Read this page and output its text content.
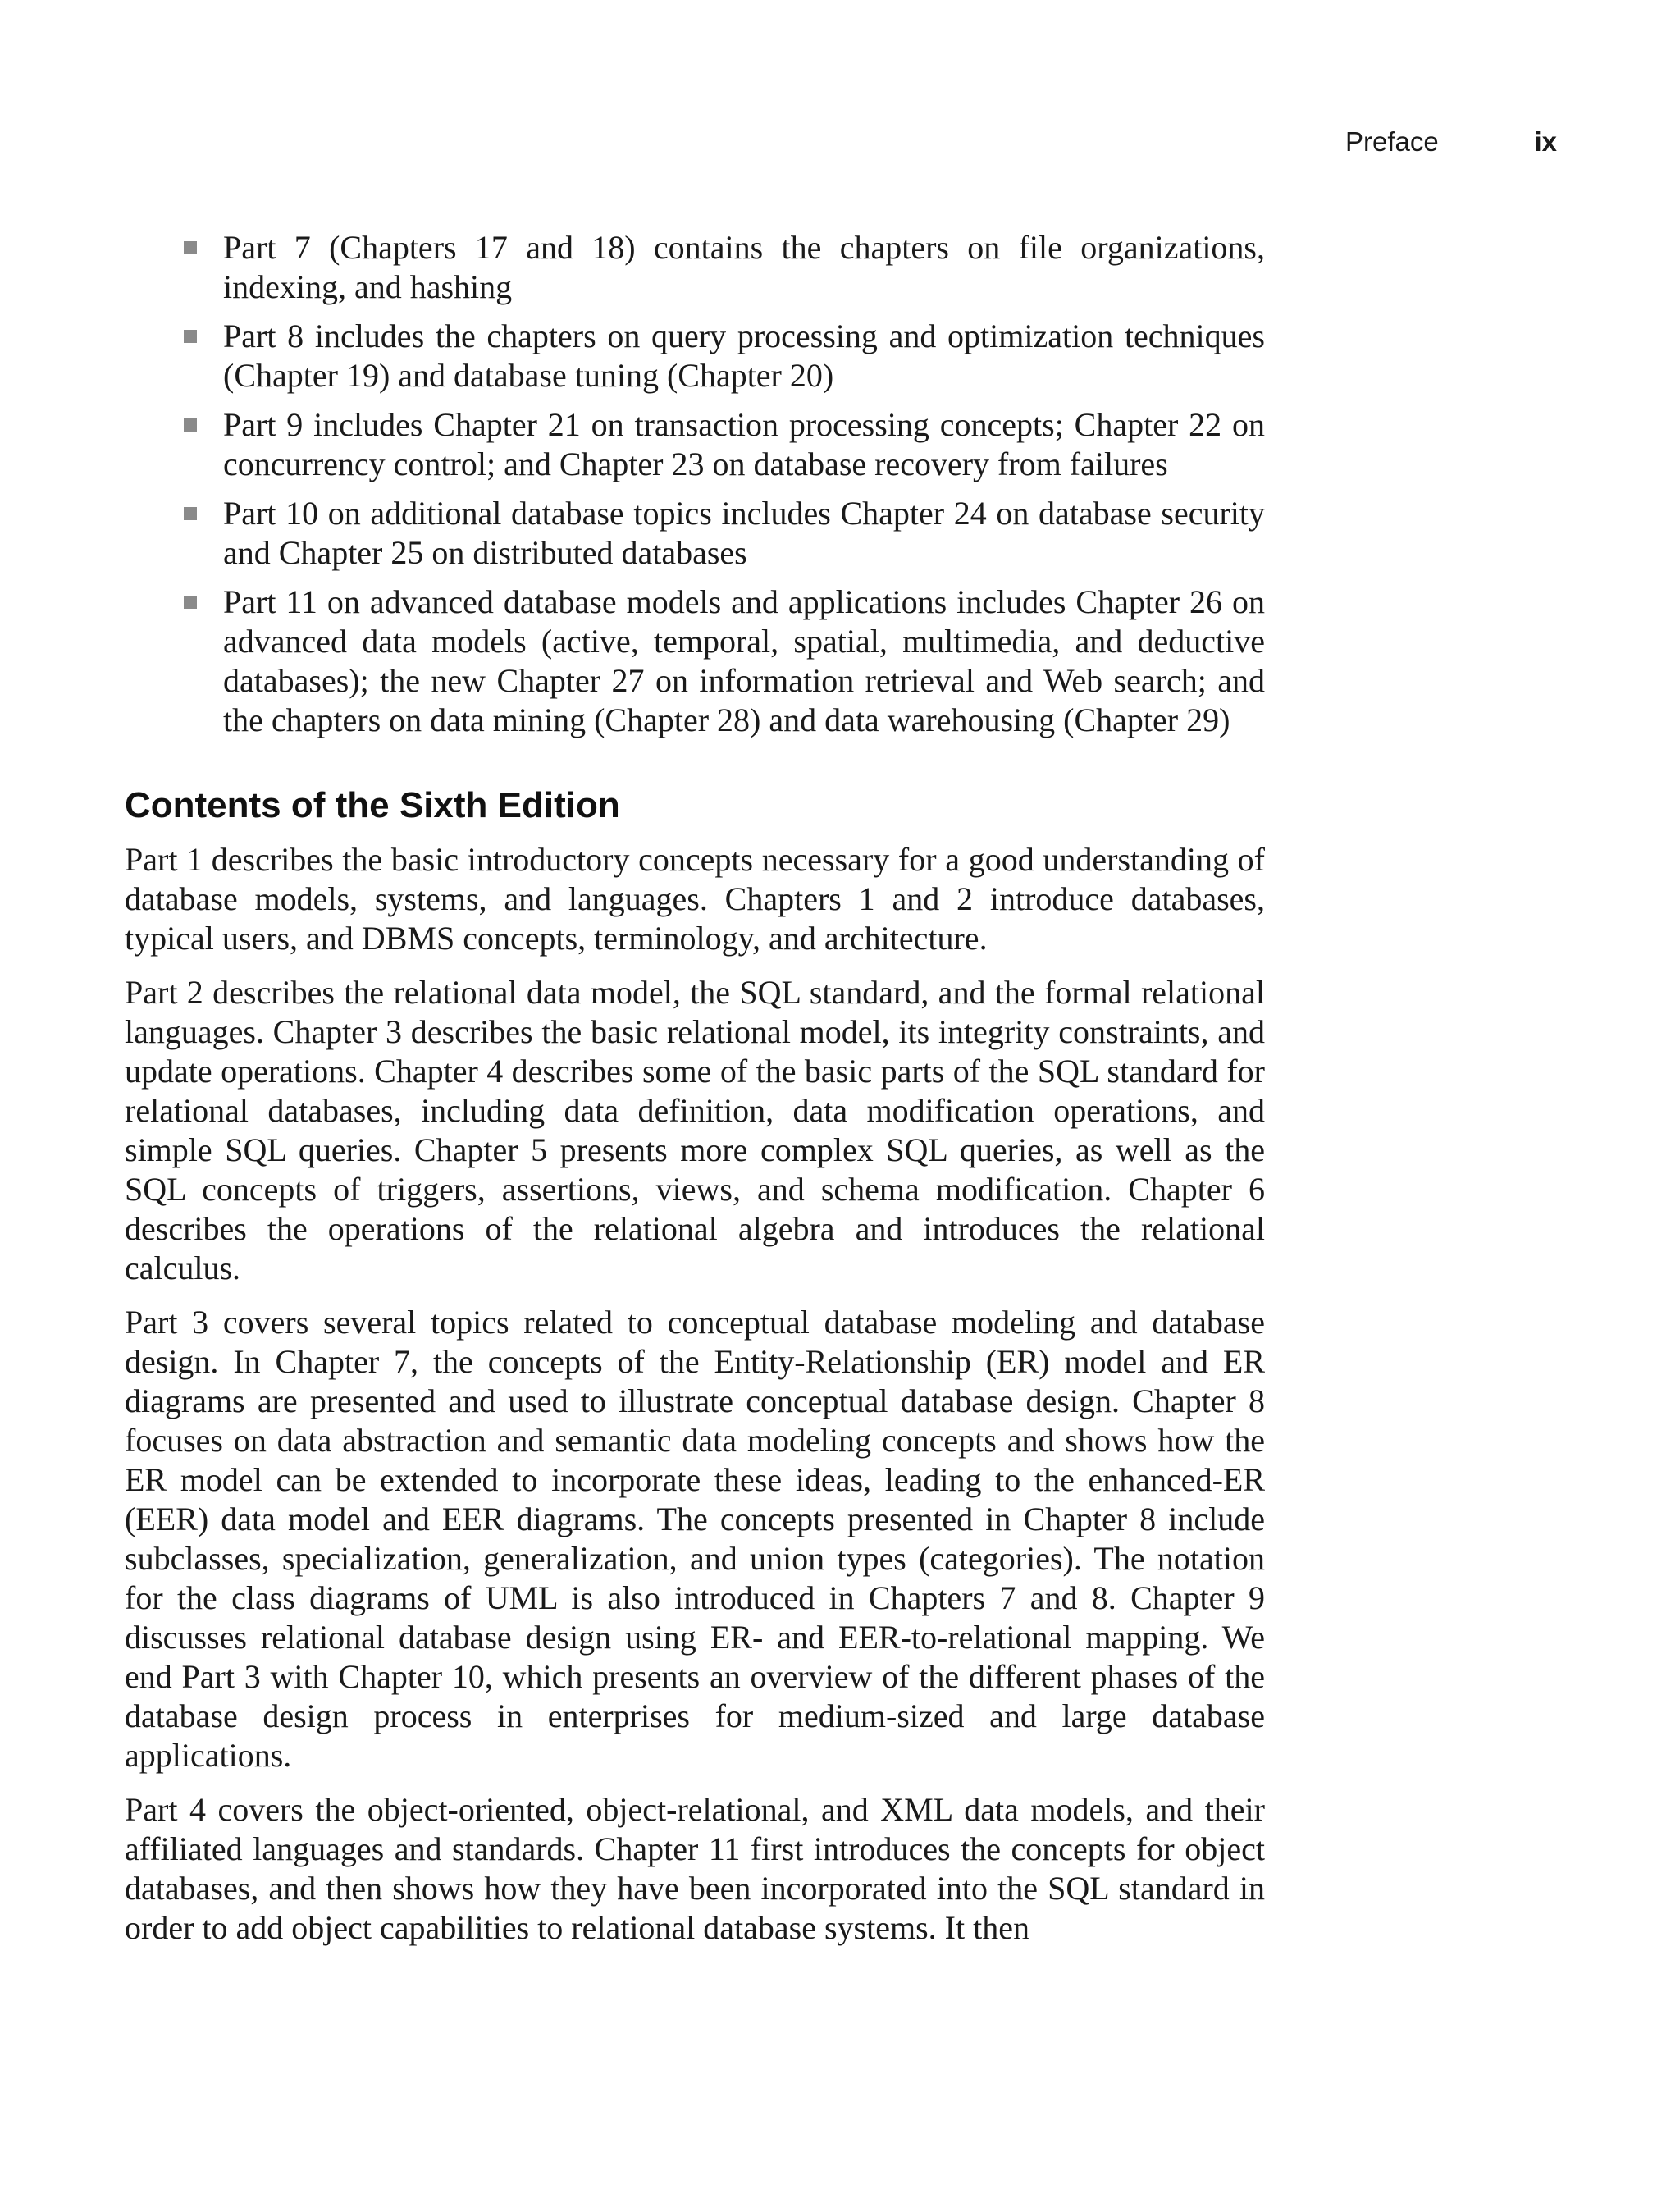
Preface	ix
Part 7 (Chapters 17 and 18) contains the chapters on file organizations, indexing, and hashing
Part 8 includes the chapters on query processing and optimization techniques (Chapter 19) and database tuning (Chapter 20)
Part 9 includes Chapter 21 on transaction processing concepts; Chapter 22 on concurrency control; and Chapter 23 on database recovery from failures
Part 10 on additional database topics includes Chapter 24 on database security and Chapter 25 on distributed databases
Part 11 on advanced database models and applications includes Chapter 26 on advanced data models (active, temporal, spatial, multimedia, and deductive databases); the new Chapter 27 on information retrieval and Web search; and the chapters on data mining (Chapter 28) and data warehousing (Chapter 29)
Contents of the Sixth Edition

Part 1 describes the basic introductory concepts necessary for a good understanding of database models, systems, and languages. Chapters 1 and 2 introduce databases, typical users, and DBMS concepts, terminology, and architecture.

Part 2 describes the relational data model, the SQL standard, and the formal relational languages. Chapter 3 describes the basic relational model, its integrity constraints, and update operations. Chapter 4 describes some of the basic parts of the SQL standard for relational databases, including data definition, data modification operations, and simple SQL queries. Chapter 5 presents more complex SQL queries, as well as the SQL concepts of triggers, assertions, views, and schema modification. Chapter 6 describes the operations of the relational algebra and introduces the relational calculus.

Part 3 covers several topics related to conceptual database modeling and database design. In Chapter 7, the concepts of the Entity-Relationship (ER) model and ER diagrams are presented and used to illustrate conceptual database design. Chapter 8 focuses on data abstraction and semantic data modeling concepts and shows how the ER model can be extended to incorporate these ideas, leading to the enhanced-ER (EER) data model and EER diagrams. The concepts presented in Chapter 8 include subclasses, specialization, generalization, and union types (categories). The notation for the class diagrams of UML is also introduced in Chapters 7 and 8. Chapter 9 discusses relational database design using ER- and EER-to-relational mapping. We end Part 3 with Chapter 10, which presents an overview of the different phases of the database design process in enterprises for medium-sized and large database applications.

Part 4 covers the object-oriented, object-relational, and XML data models, and their affiliated languages and standards. Chapter 11 first introduces the concepts for object databases, and then shows how they have been incorporated into the SQL standard in order to add object capabilities to relational database systems. It then
